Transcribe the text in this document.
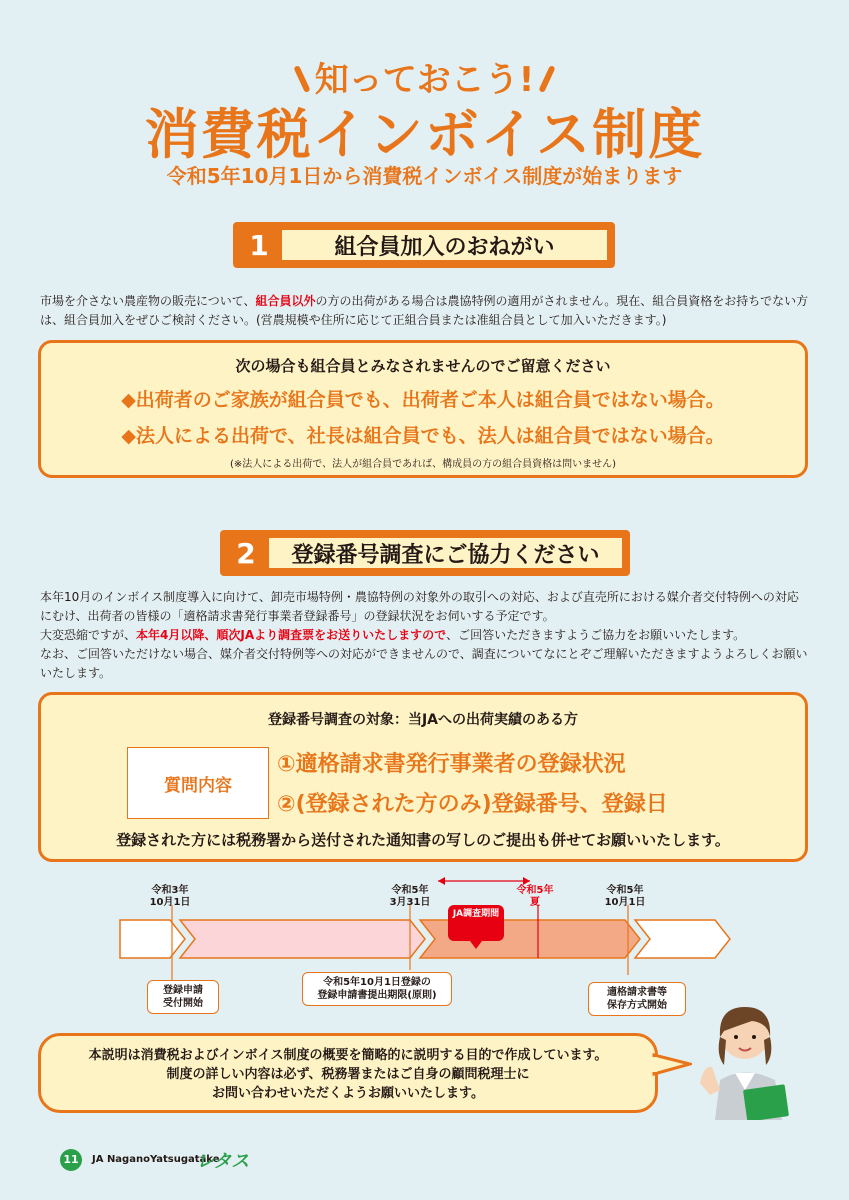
知っておこう!
消費税インボイス制度
令和5年10月1日から消費税インボイス制度が始まります
1	組合員加入のおねがい
市場を介さない農産物の販売について、組合員以外の方の出荷がある場合は農協特例の適用がされません。現在、組合員資格をお持ちでない方は、組合員加入をぜひご検討ください。(営農規模や住所に応じて正組合員または准組合員として加入いただきます。)
次の場合も組合員とみなされませんのでご留意ください
◆出荷者のご家族が組合員でも、出荷者ご本人は組合員ではない場合。
◆法人による出荷で、社長は組合員でも、法人は組合員ではない場合。
(※法人による出荷で、法人が組合員であれば、構成員の方の組合員資格は問いません)
2	登録番号調査にご協力ください
本年10月のインボイス制度導入に向けて、卸売市場特例・農協特例の対象外の取引への対応、および直売所における媒介者交付特例への対応にむけ、出荷者の皆様の「適格請求書発行事業者登録番号」の登録状況をお伺いする予定です。
大変恐縮ですが、本年4月以降、順次JAより調査票をお送りいたしますので、ご回答いただきますようご協力をお願いいたします。
なお、ご回答いただけない場合、媒介者交付特例等への対応ができませんので、調査についてなにとぞご理解いただきますようよろしくお願いいたします。
登録番号調査の対象：当JAへの出荷実績のある方
質問内容
①適格請求書発行事業者の登録状況
②(登録された方のみ)登録番号、登録日
登録された方には税務署から送付された通知書の写しのご提出も併せてお願いいたします。
令和3年
10月1日
令和5年
3月31日
令和5年
夏
令和5年
10月1日
JA調査期間
登録申請
受付開始
令和5年10月1日登録の
登録申請書提出期限(原則)	適格請求書等
保存方式開始
本説明は消費税およびインボイス制度の概要を簡略的に説明する目的で作成しています。
制度の詳しい内容は必ず、税務署またはご自身の顧問税理士に
お問い合わせいただくようお願いいたします。
11	JA NaganoYatsugatake
レタス
